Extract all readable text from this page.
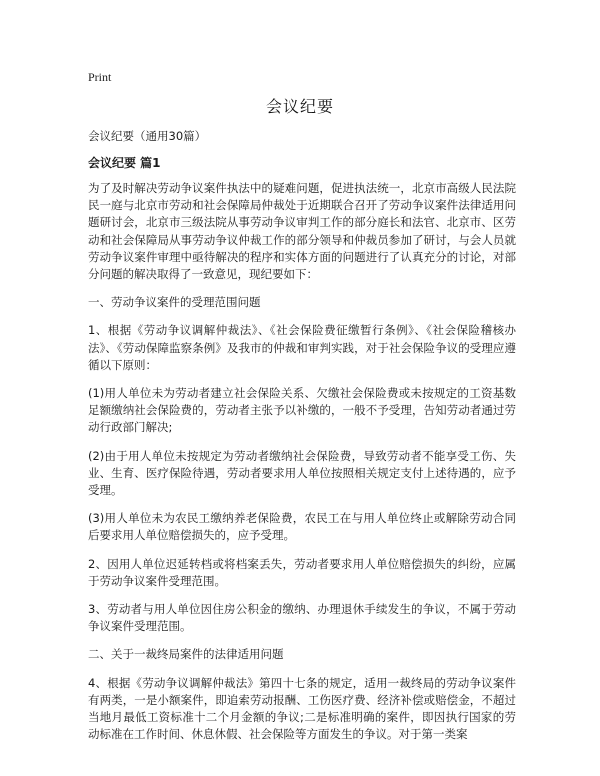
Print
会议纪要
会议纪要（通用30篇）
会议纪要 篇1

为了及时解决劳动争议案件执法中的疑难问题，促进执法统一，北京市高级人民法院民一庭与北京市劳动和社会保障局仲裁处于近期联合召开了劳动争议案件法律适用问题研讨会，北京市三级法院从事劳动争议审判工作的部分庭长和法官、北京市、区劳动和社会保障局从事劳动争议仲裁工作的部分领导和仲裁员参加了研讨，与会人员就劳动争议案件审理中亟待解决的程序和实体方面的问题进行了认真充分的讨论，对部分问题的解决取得了一致意见，现纪要如下：

一、劳动争议案件的受理范围问题

1、根据《劳动争议调解仲裁法》、《社会保险费征缴暂行条例》、《社会保险稽核办法》、《劳动保障监察条例》及我市的仲裁和审判实践，对于社会保险争议的受理应遵循以下原则：

(1)用人单位未为劳动者建立社会保险关系、欠缴社会保险费或未按规定的工资基数足额缴纳社会保险费的，劳动者主张予以补缴的，一般不予受理，告知劳动者通过劳动行政部门解决;

(2)由于用人单位未按规定为劳动者缴纳社会保险费，导致劳动者不能享受工伤、失业、生育、医疗保险待遇，劳动者要求用人单位按照相关规定支付上述待遇的，应予受理。

(3)用人单位未为农民工缴纳养老保险费，农民工在与用人单位终止或解除劳动合同后要求用人单位赔偿损失的，应予受理。

2、因用人单位迟延转档或将档案丢失，劳动者要求用人单位赔偿损失的纠纷，应属于劳动争议案件受理范围。

3、劳动者与用人单位因住房公积金的缴纳、办理退休手续发生的争议，不属于劳动争议案件受理范围。

二、关于一裁终局案件的法律适用问题

4、根据《劳动争议调解仲裁法》第四十七条的规定，适用一裁终局的劳动争议案件有两类，一是小额案件，即追索劳动报酬、工伤医疗费、经济补偿或赔偿金，不超过当地月最低工资标准十二个月金额的争议;二是标准明确的案件，即因执行国家的劳动标准在工作时间、休息休假、社会保险等方面发生的争议。对于第一类案
